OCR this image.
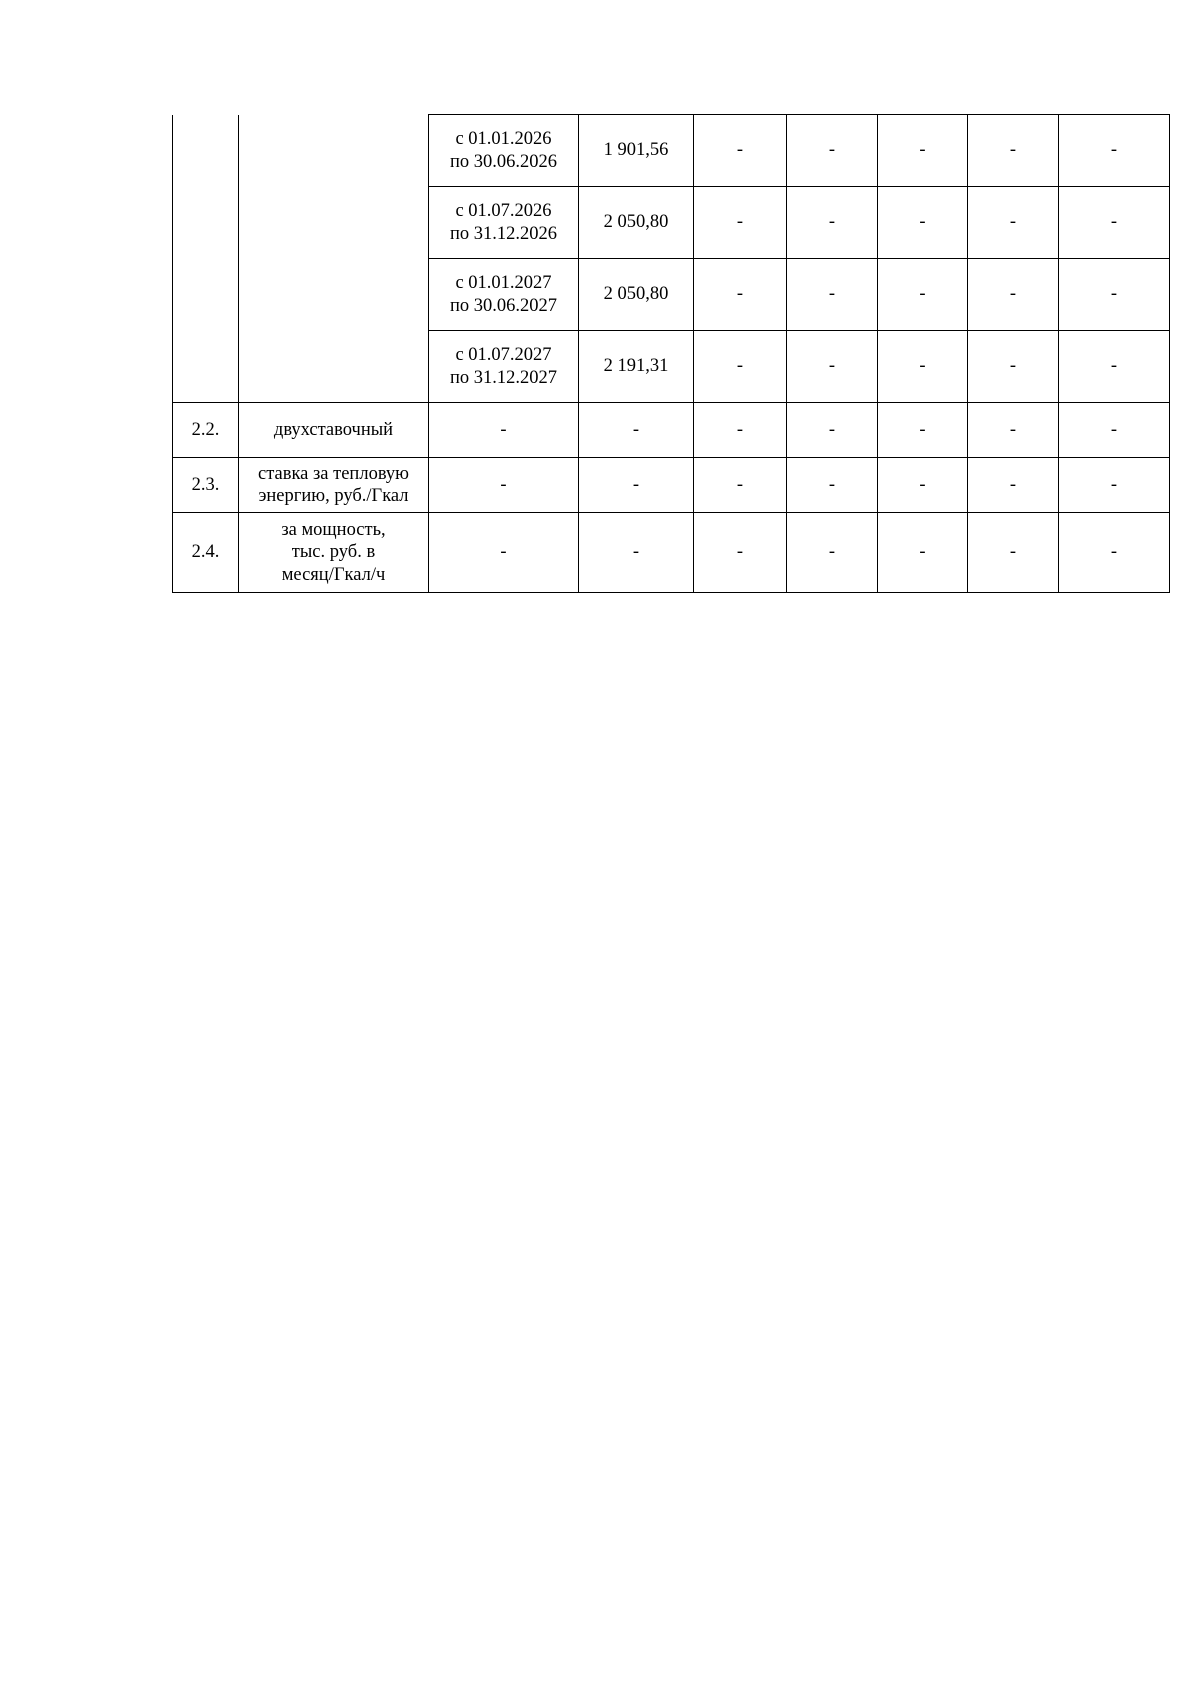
		с 01.01.2026
по 30.06.2026	1 901,56	-	-	-	-	-

		с 01.07.2026
по 31.12.2026	2 050,80	-	-	-	-	-

		с 01.01.2027
по 30.06.2027	2 050,80	-	-	-	-	-

		с 01.07.2027
по 31.12.2027	2 191,31	-	-	-	-	-
2.2.	двухставочный	-	-	-	-	-	-	-
2.3.	ставка за тепловую
энергию, руб./Гкал	-	-	-	-	-	-	-
2.4.	за мощность,
тыс. руб. в
месяц/Гкал/ч	-	-	-	-	-	-	-
